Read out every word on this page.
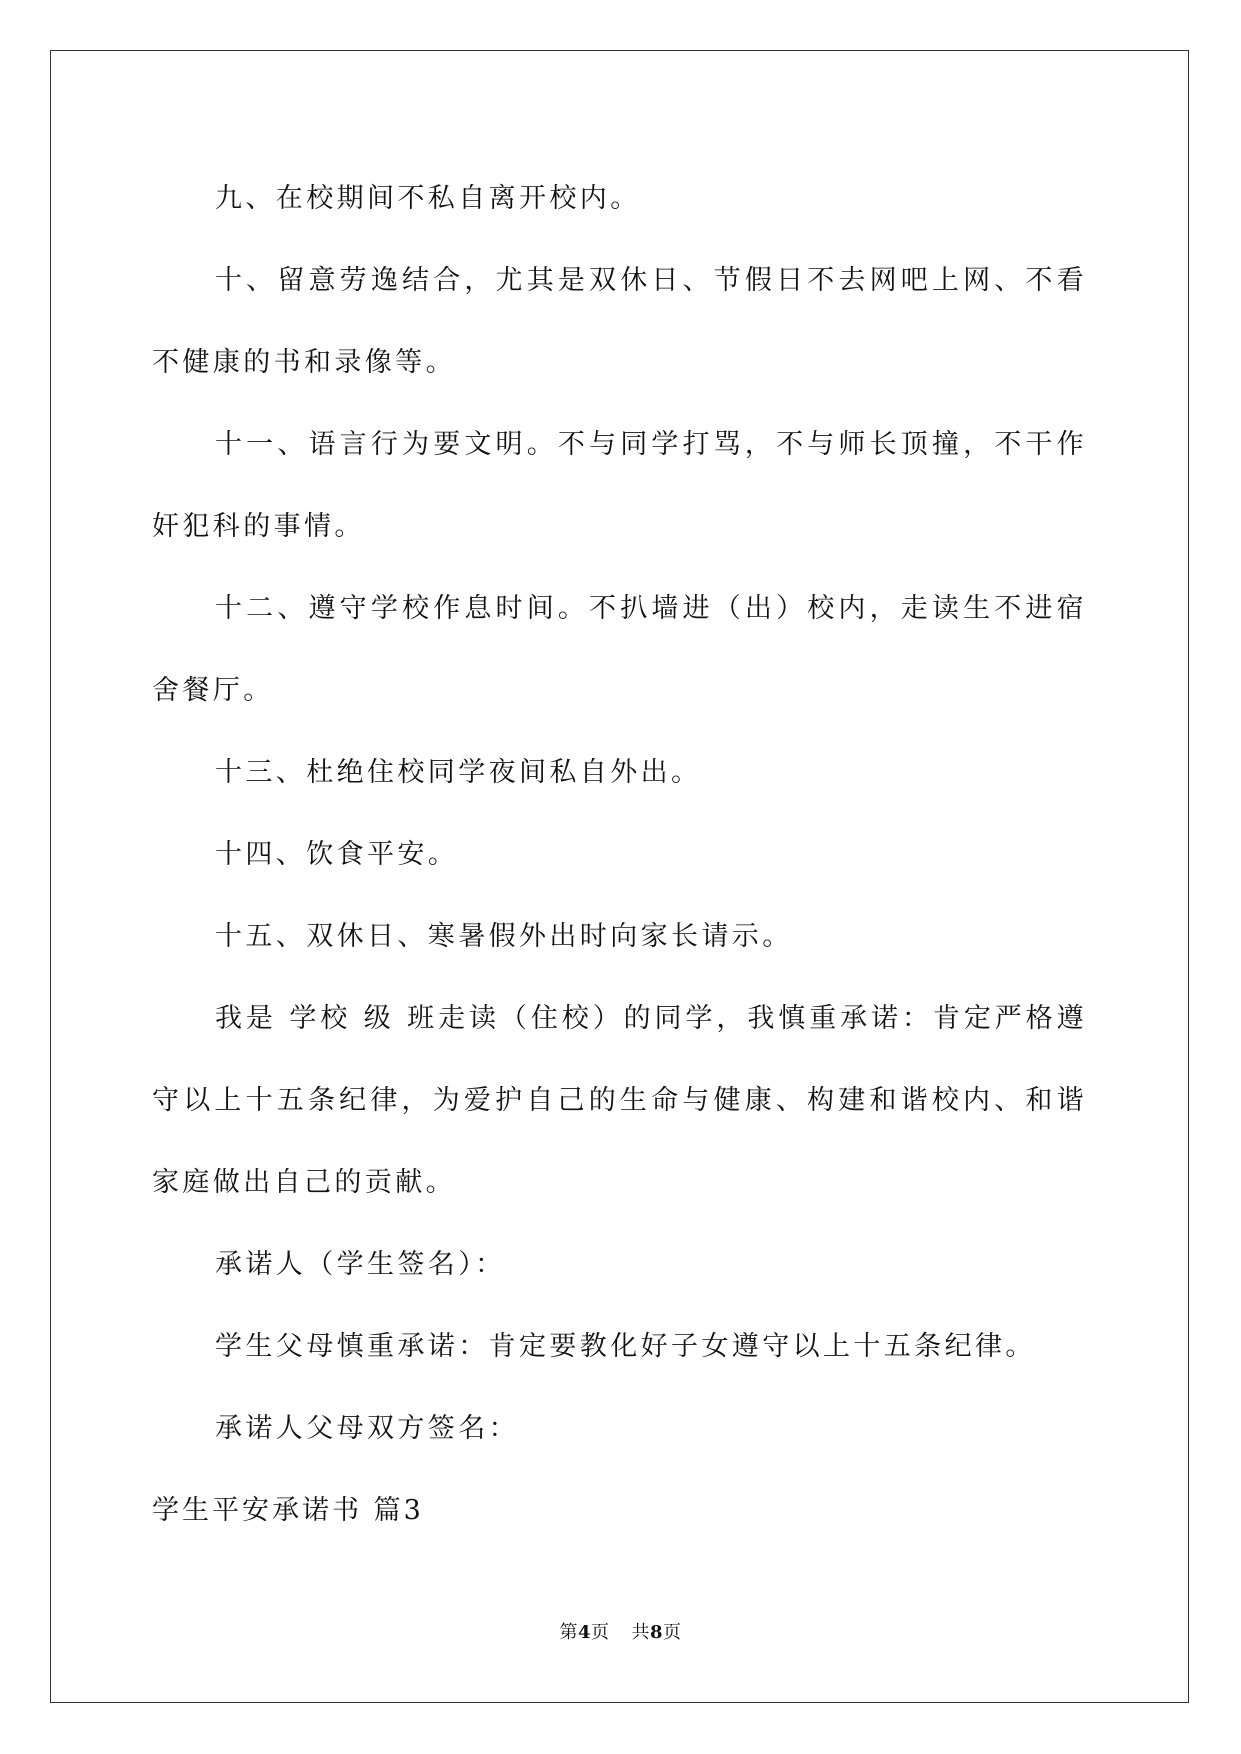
九、在校期间不私自离开校内。

十、留意劳逸结合，尤其是双休日、节假日不去网吧上网、不看不健康的书和录像等。

十一、语言行为要文明。不与同学打骂，不与师长顶撞，不干作奸犯科的事情。

十二、遵守学校作息时间。不扒墙进（出）校内，走读生不进宿舍餐厅。

十三、杜绝住校同学夜间私自外出。

十四、饮食平安。

十五、双休日、寒暑假外出时向家长请示。

我是 学校 级 班走读（住校）的同学，我慎重承诺：肯定严格遵守以上十五条纪律，为爱护自己的生命与健康、构建和谐校内、和谐家庭做出自己的贡献。

承诺人（学生签名）：

学生父母慎重承诺：肯定要教化好子女遵守以上十五条纪律。

承诺人父母双方签名：

学生平安承诺书 篇3

第4页 共8页
